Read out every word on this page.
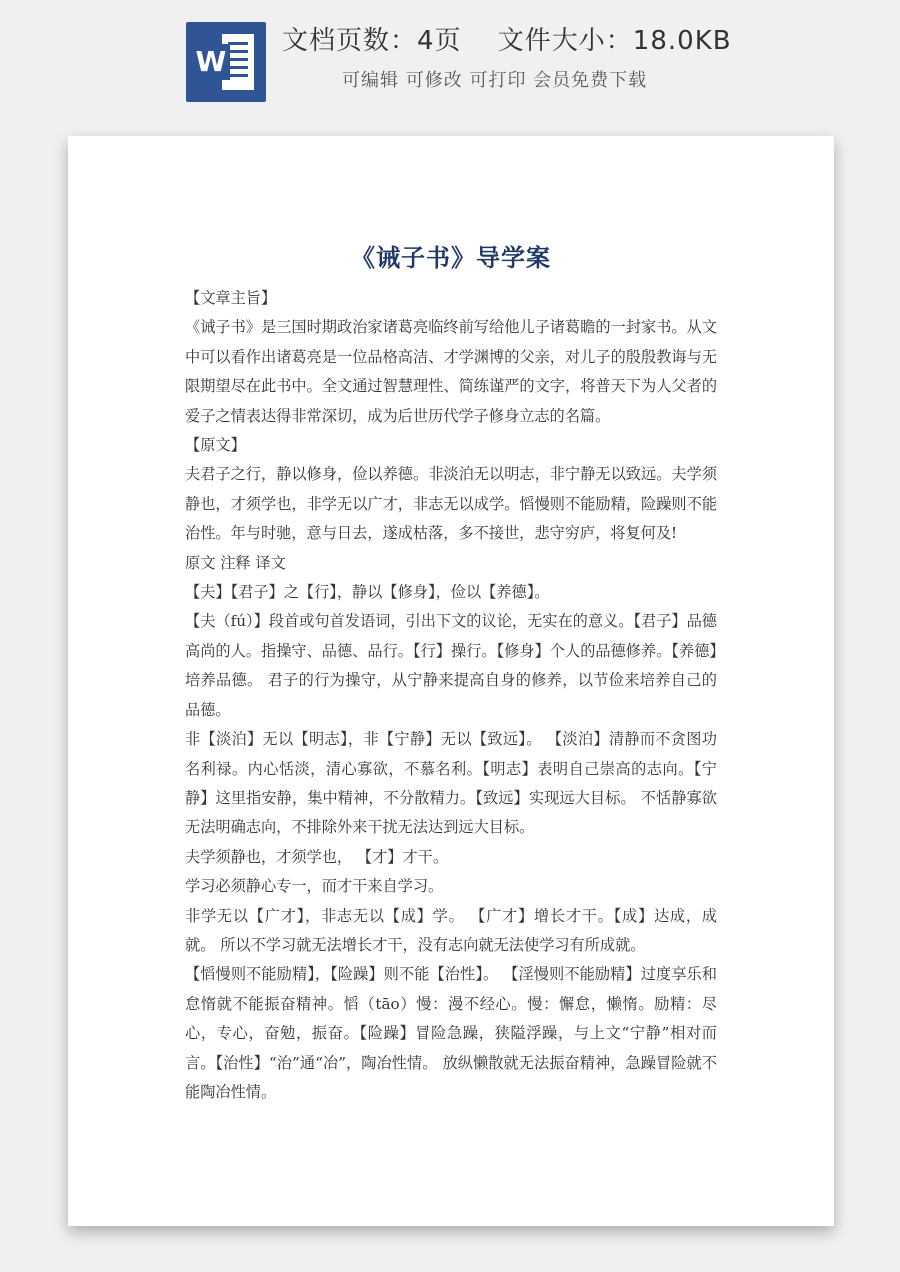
W
文档页数：4页　 文件大小：18.0KB
可编辑 可修改 可打印 会员免费下载
《诫子书》导学案

【文章主旨】

《诫子书》是三国时期政治家诸葛亮临终前写给他儿子诸葛瞻的一封家书。从文中可以看作出诸葛亮是一位品格高洁、才学渊博的父亲，对儿子的殷殷教诲与无限期望尽在此书中。全文通过智慧理性、简练谨严的文字，将普天下为人父者的爱子之情表达得非常深切，成为后世历代学子修身立志的名篇。

【原文】

夫君子之行，静以修身，俭以养德。非淡泊无以明志，非宁静无以致远。夫学须静也，才须学也，非学无以广才，非志无以成学。慆慢则不能励精，险躁则不能治性。年与时驰，意与日去，遂成枯落，多不接世，悲守穷庐，将复何及!

原文 注释 译文

【夫】【君子】之【行】，静以【修身】，俭以【养德】。

【夫（fú）】段首或句首发语词，引出下文的议论，无实在的意义。【君子】品德高尚的人。指操守、品德、品行。【行】操行。【修身】个人的品德修养。【养德】培养品德。 君子的行为操守，从宁静来提高自身的修养，以节俭来培养自己的品德。

非【淡泊】无以【明志】，非【宁静】无以【致远】。 【淡泊】清静而不贪图功名利禄。内心恬淡，清心寡欲，不慕名利。【明志】表明自己崇高的志向。【宁静】这里指安静，集中精神，不分散精力。【致远】实现远大目标。 不恬静寡欲无法明确志向，不排除外来干扰无法达到远大目标。

夫学须静也，才须学也， 【才】才干。

学习必须静心专一，而才干来自学习。

非学无以【广才】，非志无以【成】学。 【广才】增长才干。【成】达成，成就。 所以不学习就无法增长才干，没有志向就无法使学习有所成就。

【慆慢则不能励精】，【险躁】则不能【治性】。 【淫慢则不能励精】过度享乐和怠惰就不能振奋精神。慆（tāo）慢：漫不经心。慢：懈怠，懒惰。励精：尽心，专心，奋勉，振奋。【险躁】冒险急躁，狭隘浮躁，与上文“宁静”相对而言。【治性】“治”通“冶”，陶冶性情。 放纵懒散就无法振奋精神，急躁冒险就不能陶冶性情。
